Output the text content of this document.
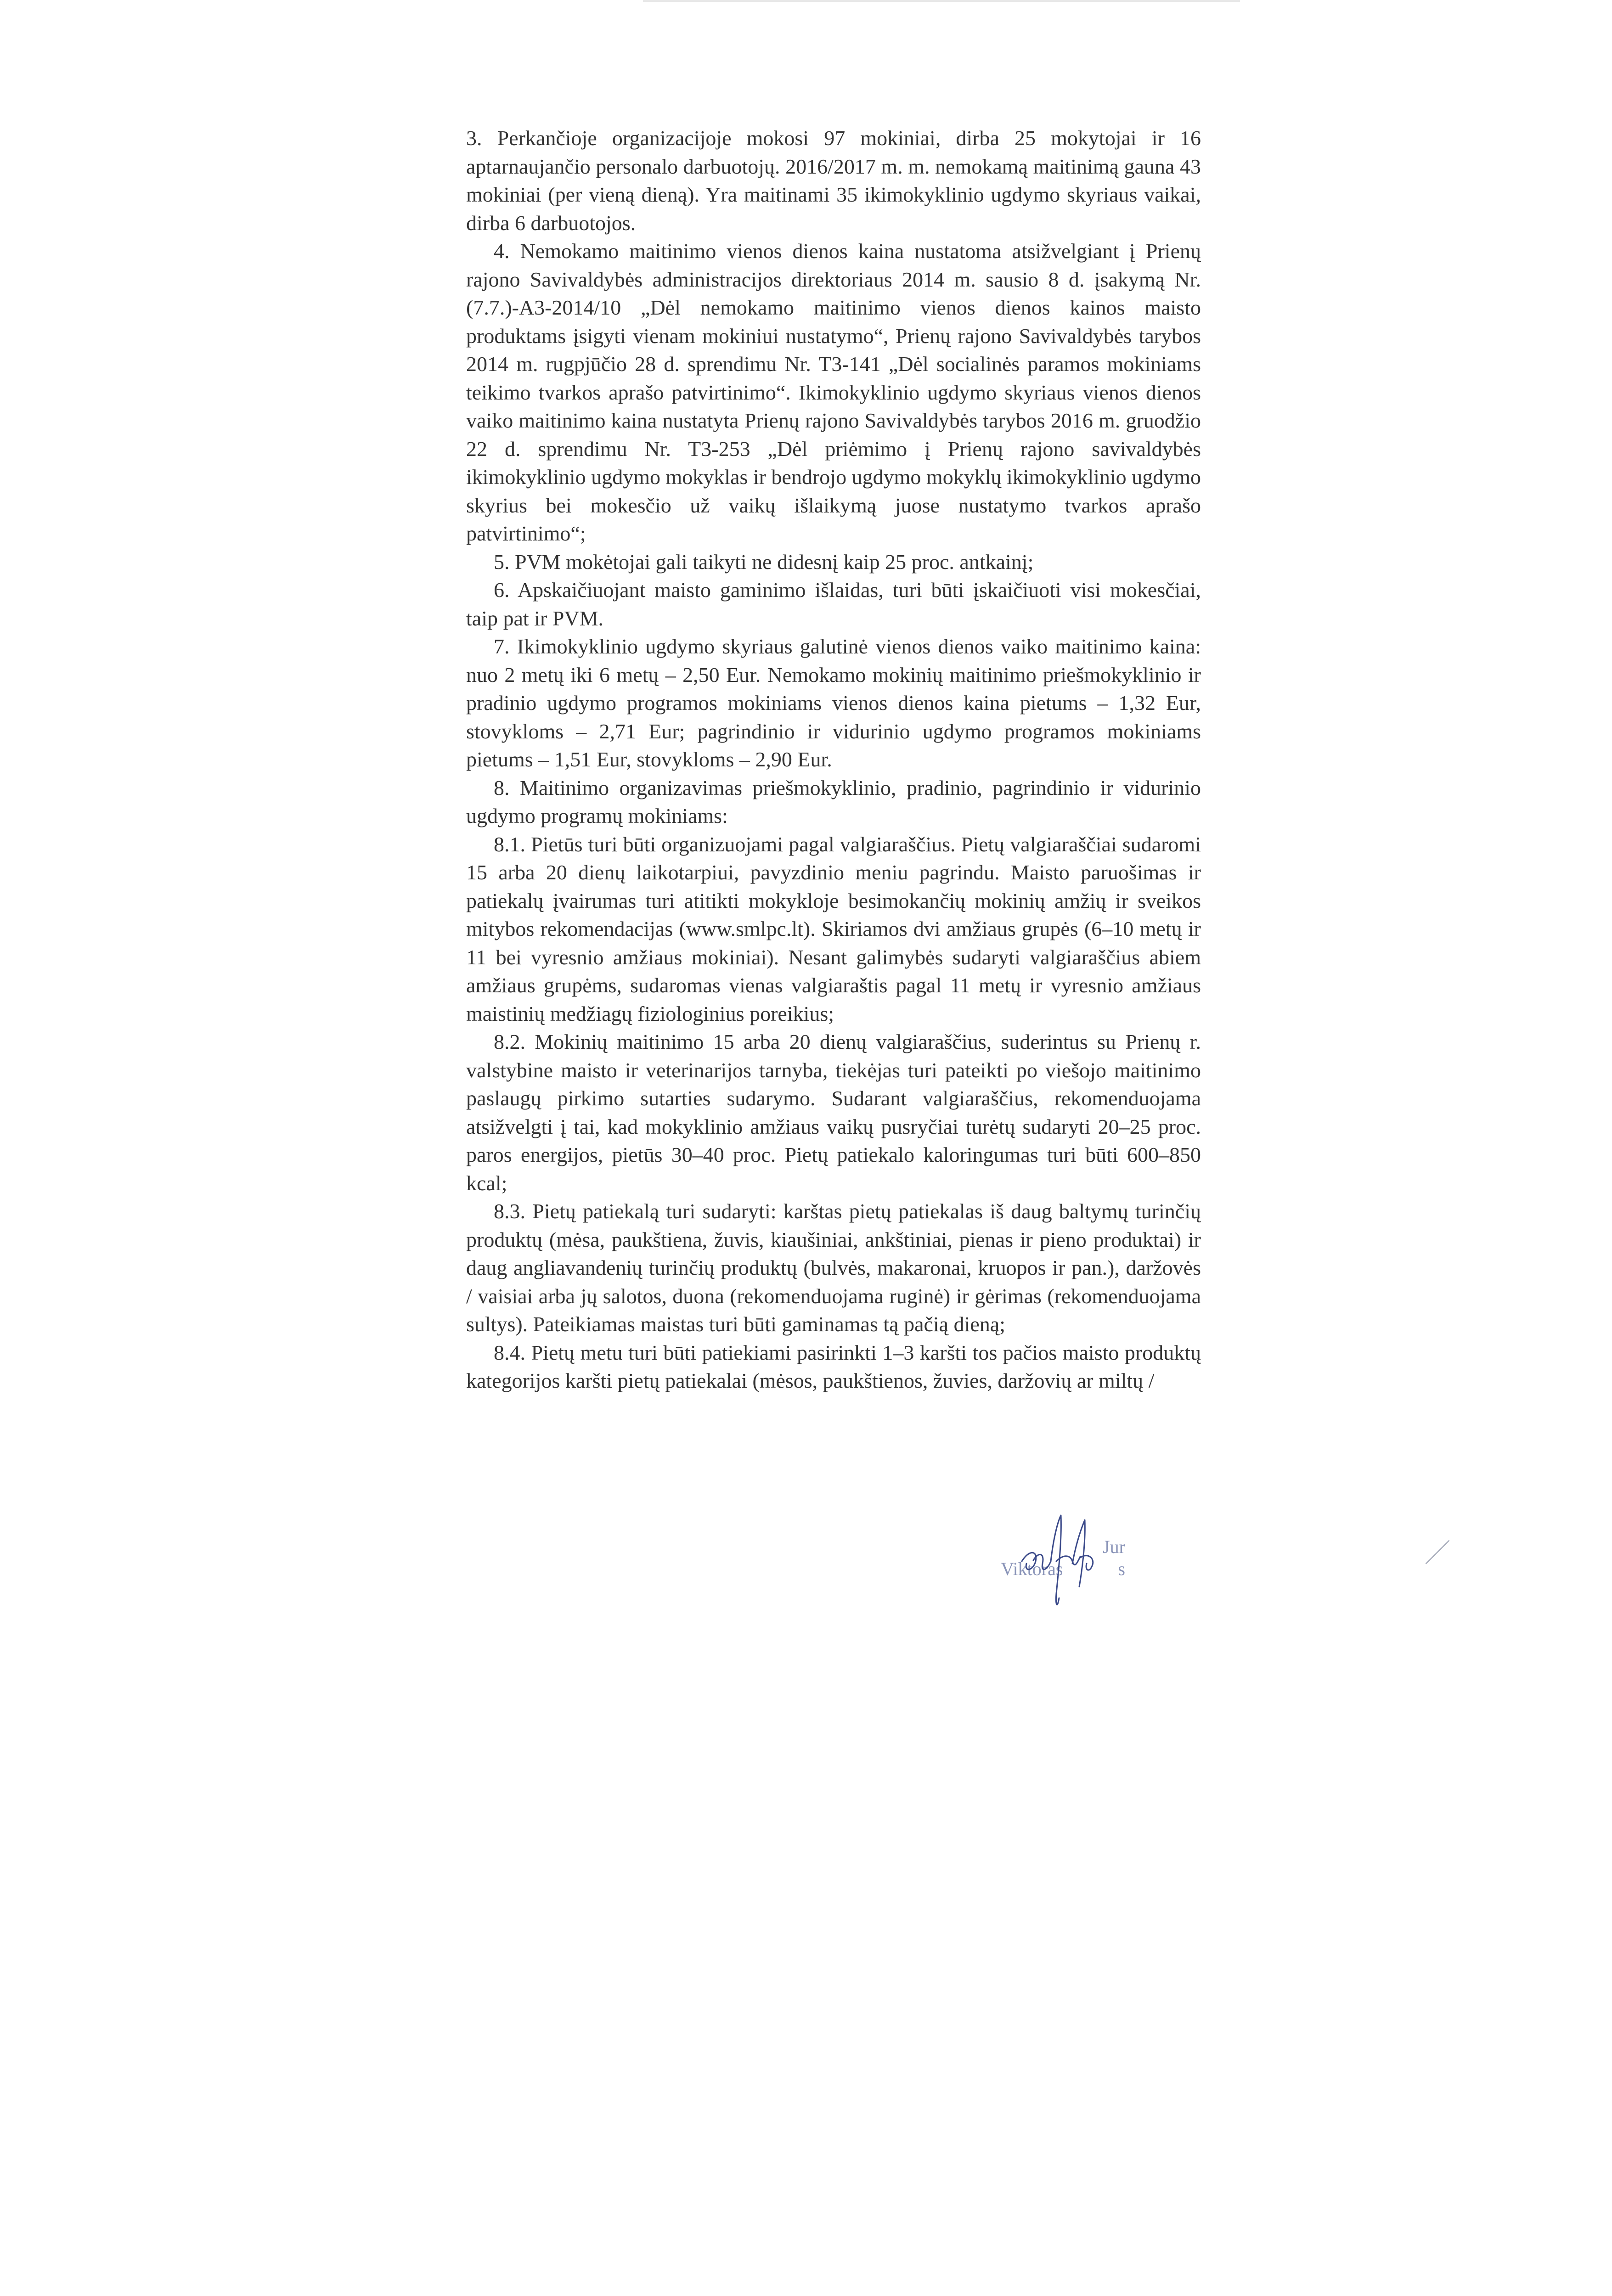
3. Perkančioje organizacijoje mokosi 97 mokiniai, dirba 25 mokytojai ir 16 aptarnaujančio personalo darbuotojų. 2016/2017 m. m. nemokamą maitinimą gauna 43 mokiniai (per vieną dieną). Yra maitinami 35 ikimokyklinio ugdymo skyriaus vaikai, dirba 6 darbuotojos.

4. Nemokamo maitinimo vienos dienos kaina nustatoma atsižvelgiant į Prienų rajono Savivaldybės administracijos direktoriaus 2014 m. sausio 8 d. įsakymą Nr.(7.7.)-A3-2014/10 „Dėl nemokamo maitinimo vienos dienos kainos maisto produktams įsigyti vienam mokiniui nustatymo“, Prienų rajono Savivaldybės tarybos 2014 m. rugpjūčio 28 d. sprendimu Nr. T3-141 „Dėl socialinės paramos mokiniams teikimo tvarkos aprašo patvirtinimo“. Ikimokyklinio ugdymo skyriaus vienos dienos vaiko maitinimo kaina nustatyta Prienų rajono Savivaldybės tarybos 2016 m. gruodžio 22 d. sprendimu Nr. T3-253 „Dėl priėmimo į Prienų rajono savivaldybės ikimokyklinio ugdymo mokyklas ir bendrojo ugdymo mokyklų ikimokyklinio ugdymo skyrius bei mokesčio už vaikų išlaikymą juose nustatymo tvarkos aprašo patvirtinimo“;

5. PVM mokėtojai gali taikyti ne didesnį kaip 25 proc. antkainį;

6. Apskaičiuojant maisto gaminimo išlaidas, turi būti įskaičiuoti visi mokesčiai, taip pat ir PVM.

7. Ikimokyklinio ugdymo skyriaus galutinė vienos dienos vaiko maitinimo kaina: nuo 2 metų iki 6 metų – 2,50 Eur. Nemokamo mokinių maitinimo priešmokyklinio ir pradinio ugdymo programos mokiniams vienos dienos kaina pietums – 1,32 Eur, stovykloms – 2,71 Eur; pagrindinio ir vidurinio ugdymo programos mokiniams pietums – 1,51 Eur, stovykloms – 2,90 Eur.

8. Maitinimo organizavimas priešmokyklinio, pradinio, pagrindinio ir vidurinio ugdymo programų mokiniams:

8.1. Pietūs turi būti organizuojami pagal valgiaraščius. Pietų valgiaraščiai sudaromi 15 arba 20 dienų laikotarpiui, pavyzdinio meniu pagrindu. Maisto paruošimas ir patiekalų įvairumas turi atitikti mokykloje besimokančių mokinių amžių ir sveikos mitybos rekomendacijas (www.smlpc.lt). Skiriamos dvi amžiaus grupės (6–10 metų ir 11 bei vyresnio amžiaus mokiniai). Nesant galimybės sudaryti valgiaraščius abiem amžiaus grupėms, sudaromas vienas valgiaraštis pagal 11 metų ir vyresnio amžiaus maistinių medžiagų fiziologinius poreikius;

8.2. Mokinių maitinimo 15 arba 20 dienų valgiaraščius, suderintus su Prienų r. valstybine maisto ir veterinarijos tarnyba, tiekėjas turi pateikti po viešojo maitinimo paslaugų pirkimo sutarties sudarymo. Sudarant valgiaraščius, rekomenduojama atsižvelgti į tai, kad mokyklinio amžiaus vaikų pusryčiai turėtų sudaryti 20–25 proc. paros energijos, pietūs 30–40 proc. Pietų patiekalo kaloringumas turi būti 600–850 kcal;

8.3. Pietų patiekalą turi sudaryti: karštas pietų patiekalas iš daug baltymų turinčių produktų (mėsa, paukštiena, žuvis, kiaušiniai, ankštiniai, pienas ir pieno produktai) ir daug angliavandenių turinčių produktų (bulvės, makaronai, kruopos ir pan.), daržovės / vaisiai arba jų salotos, duona (rekomenduojama ruginė) ir gėrimas (rekomenduojama sultys). Pateikiamas maistas turi būti gaminamas tą pačią dieną;

8.4. Pietų metu turi būti patiekiami pasirinkti 1–3 karšti tos pačios maisto produktų kategorijos karšti pietų patiekalai (mėsos, paukštienos, žuvies, daržovių ar miltų /

Jur
Viktoras	s
